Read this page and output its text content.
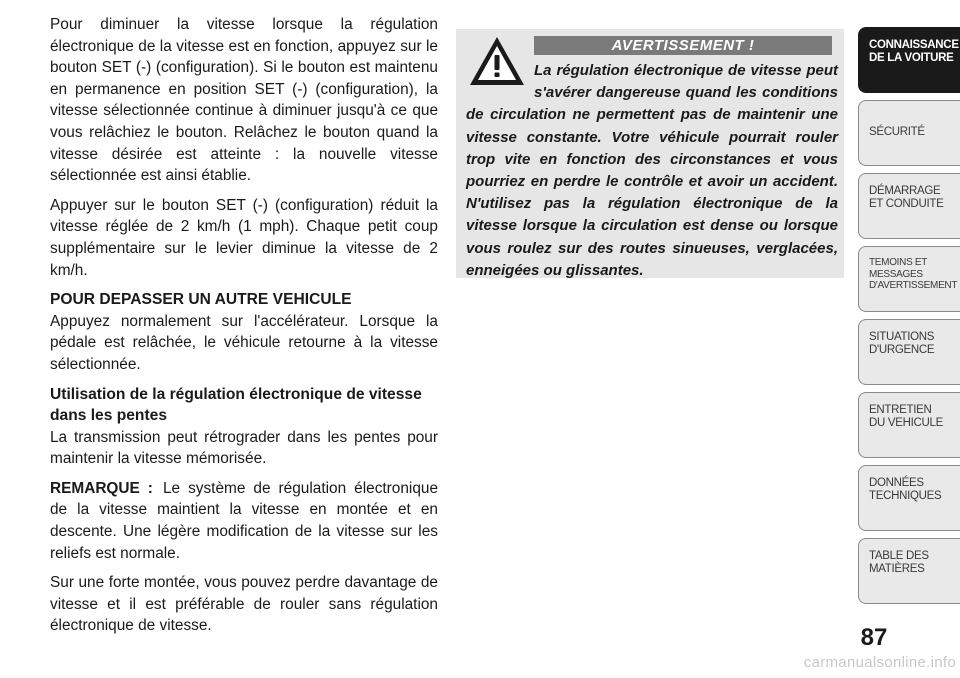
Pour diminuer la vitesse lorsque la régulation électronique de la vitesse est en fonction, appuyez sur le bouton SET (-) (configuration). Si le bouton est maintenu en permanence en position SET (-) (configuration), la vitesse sélectionnée continue à diminuer jusqu'à ce que vous relâchiez le bouton. Relâchez le bouton quand la vitesse désirée est atteinte : la nouvelle vitesse sélectionnée est ainsi établie.

Appuyer sur le bouton SET (-) (configuration) réduit la vitesse réglée de 2 km/h (1 mph). Chaque petit coup supplémentaire sur le levier diminue la vitesse de 2 km/h.

POUR DEPASSER UN AUTRE VEHICULE

Appuyez normalement sur l'accélérateur. Lorsque la pédale est relâchée, le véhicule retourne à la vitesse sélectionnée.

Utilisation de la régulation électronique de vitesse dans les pentes

La transmission peut rétrograder dans les pentes pour maintenir la vitesse mémorisée.

REMARQUE : Le système de régulation électronique de la vitesse maintient la vitesse en montée et en descente. Une légère modification de la vitesse sur les reliefs est normale.

Sur une forte montée, vous pouvez perdre davantage de vitesse et il est préférable de rouler sans régulation électronique de vitesse.

AVERTISSEMENT !
La régulation électronique de vitesse peut s'avérer dangereuse quand les conditions de circulation ne permettent pas de maintenir une vitesse constante. Votre véhicule pourrait rouler trop vite en fonction des circonstances et vous pourriez en perdre le contrôle et avoir un accident. N'utilisez pas la régulation électronique de la vitesse lorsque la circulation est dense ou lorsque vous roulez sur des routes sinueuses, verglacées, enneigées ou glissantes.
CONNAISSANCE
DE LA VOITURE
SÉCURITÉ
DÉMARRAGE
ET CONDUITE
TEMOINS ET
MESSAGES
D'AVERTISSEMENT
SITUATIONS
D'URGENCE
ENTRETIEN
DU VEHICULE
DONNÉES
TECHNIQUES
TABLE DES
MATIÈRES
87
carmanualsonline.info
